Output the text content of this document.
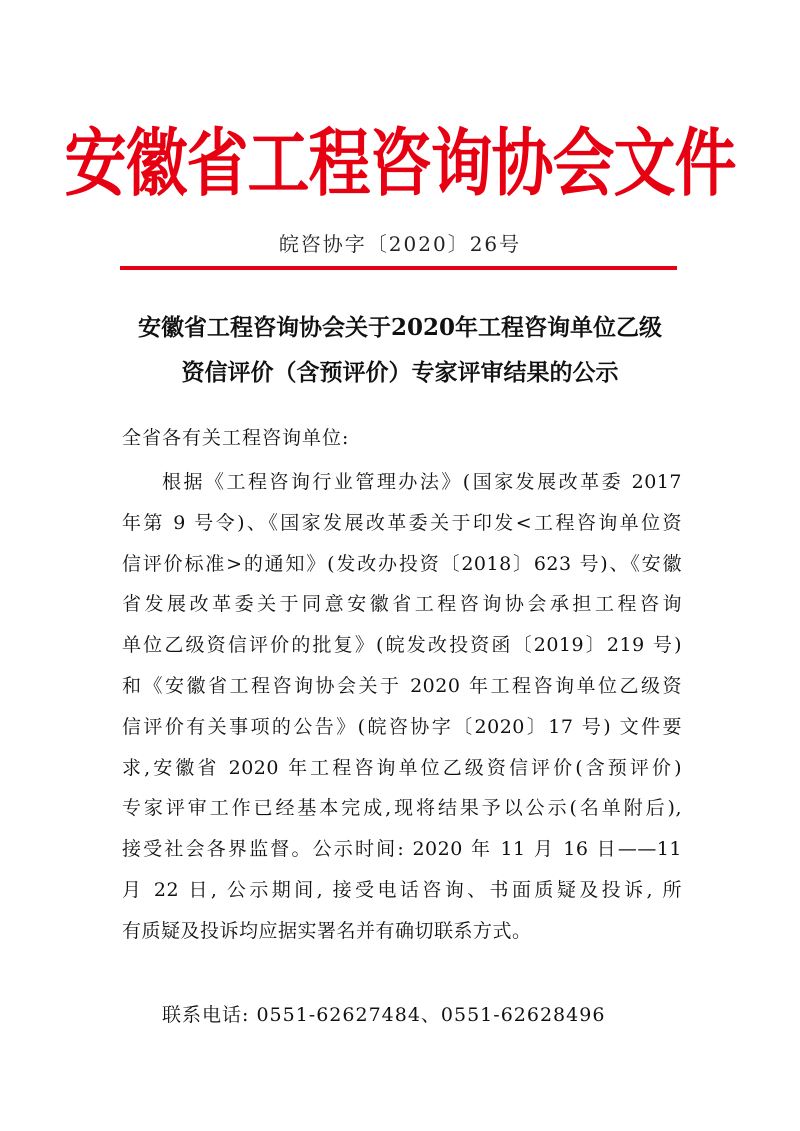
安徽省工程咨询协会文件
皖咨协字〔2020〕26号
安徽省工程咨询协会关于2020年工程咨询单位乙级
资信评价（含预评价）专家评审结果的公示
全省各有关工程咨询单位:
根据《工程咨询行业管理办法》(国家发展改革委 2017
年第 9 号令)、《国家发展改革委关于印发<工程咨询单位资
信评价标准>的通知》(发改办投资〔2018〕623 号)、《安徽
省发展改革委关于同意安徽省工程咨询协会承担工程咨询
单位乙级资信评价的批复》(皖发改投资函〔2019〕219 号)
和《安徽省工程咨询协会关于 2020 年工程咨询单位乙级资
信评价有关事项的公告》(皖咨协字〔2020〕17 号) 文件要
求,安徽省 2020 年工程咨询单位乙级资信评价(含预评价)
专家评审工作已经基本完成,现将结果予以公示(名单附后),
接受社会各界监督。公示时间: 2020 年 11 月 16 日——11
月 22 日, 公示期间, 接受电话咨询、书面质疑及投诉, 所
有质疑及投诉均应据实署名并有确切联系方式。
联系电话: 0551-62627484、0551-62628496
